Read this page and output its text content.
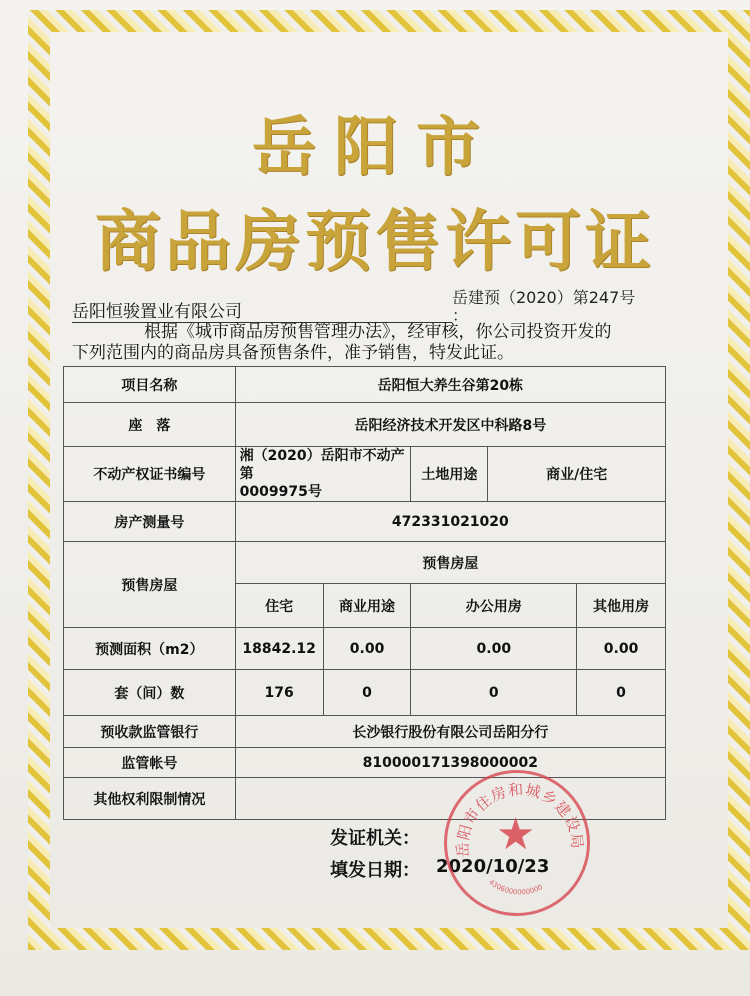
岳阳市
商品房预售许可证
岳建预（2020）第247号
岳阳恒骏置业有限公司	：
根据《城市商品房预售管理办法》，经审核，你公司投资开发的
下列范围内的商品房具备预售条件，准予销售，特发此证。
项目名称	岳阳恒大养生谷第20栋				
座　落	岳阳经济技术开发区中科路8号				
不动产权证书编号	湘（2020）岳阳市不动产第
0009975号		土地用途	商业/住宅	
房产测量号	472331021020				
预售房屋	预售房屋				
	住宅	商业用途	办公用房		其他用房
预测面积（m2）	18842.12	0.00	0.00		0.00
套（间）数	176	0	0		0
预收款监管银行	长沙银行股份有限公司岳阳分行				
监管帐号	810000171398000002				
其他权利限制情况					
发证机关：
填发日期： 2020/10/23
岳阳市住房和城乡建设局
4306000000000
★
